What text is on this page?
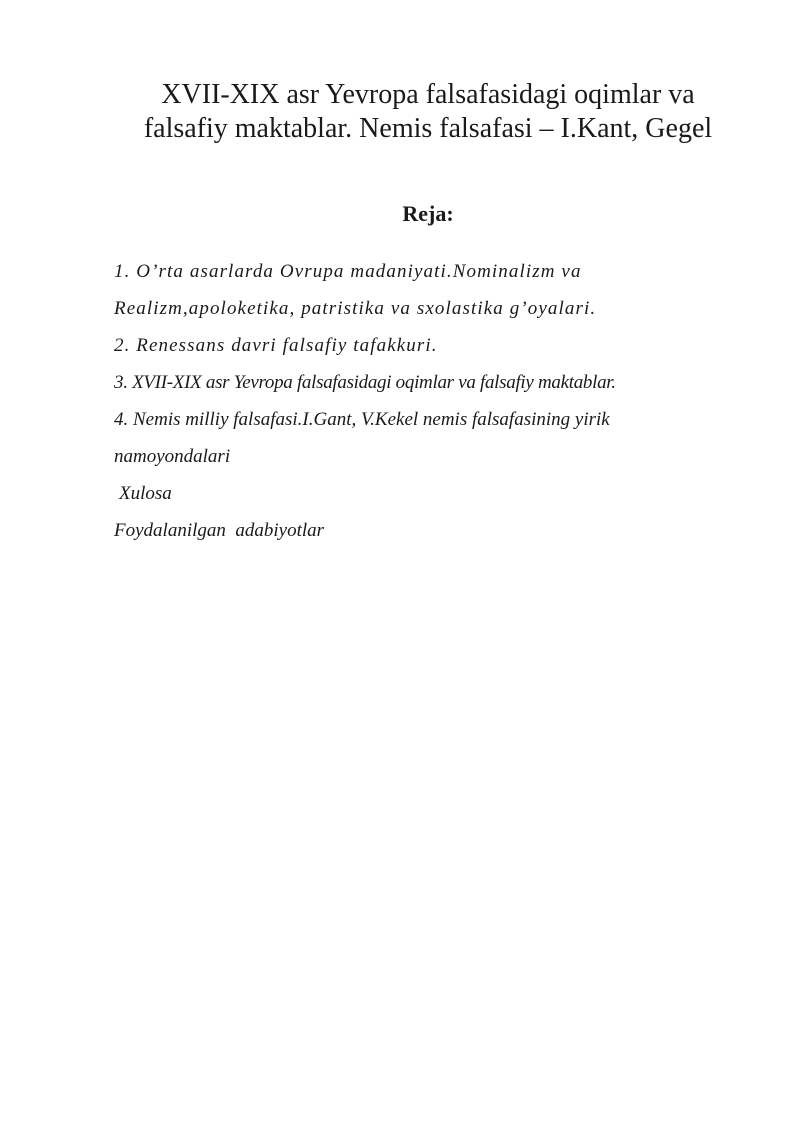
XVII-XIX asr Yevropa falsafasidagi oqimlar va
falsafiy maktablar. Nemis falsafasi – I.Kant, Gegel
Reja:
1. O’rta asarlarda Ovrupa madaniyati.Nominalizm va
Realizm,apoloketika, patristika va sxolastika g’oyalari.
2. Renessans davri falsafiy tafakkuri.
3. XVII-XIX asr Yevropa falsafasidagi oqimlar va falsafiy maktablar.
4. Nemis milliy falsafasi.I.Gant, V.Kekel nemis falsafasining yirik
namoyondalari
Xulosa
Foydalanilgan  adabiyotlar
